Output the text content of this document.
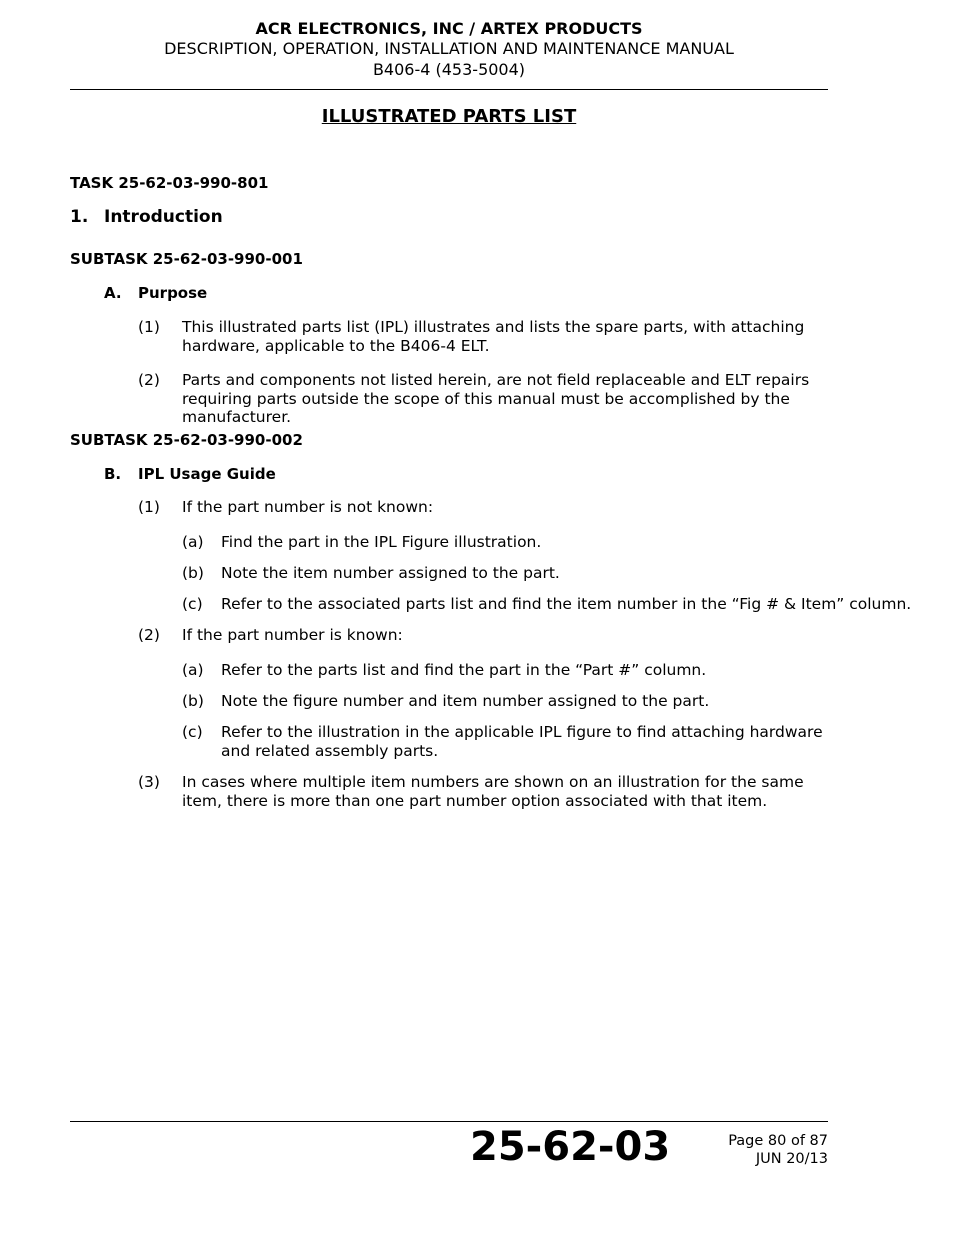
ACR ELECTRONICS, INC / ARTEX PRODUCTS
DESCRIPTION, OPERATION, INSTALLATION AND MAINTENANCE MANUAL
B406-4 (453-5004)
ILLUSTRATED PARTS LIST
TASK 25-62-03-990-801
1. Introduction
SUBTASK 25-62-03-990-001
A. Purpose
(1) This illustrated parts list (IPL) illustrates and lists the spare parts, with attaching hardware, applicable to the B406-4 ELT.
(2) Parts and components not listed herein, are not field replaceable and ELT repairs requiring parts outside the scope of this manual must be accomplished by the manufacturer.
SUBTASK 25-62-03-990-002
B. IPL Usage Guide
(1) If the part number is not known:
(a) Find the part in the IPL Figure illustration.
(b) Note the item number assigned to the part.
(c) Refer to the associated parts list and find the item number in the “Fig # & Item” column.
(2) If the part number is known:
(a) Refer to the parts list and find the part in the “Part #” column.
(b) Note the figure number and item number assigned to the part.
(c) Refer to the illustration in the applicable IPL figure to find attaching hardware and related assembly parts.
(3) In cases where multiple item numbers are shown on an illustration for the same item, there is more than one part number option associated with that item.
25-62-03	Page 80 of 87
JUN 20/13
